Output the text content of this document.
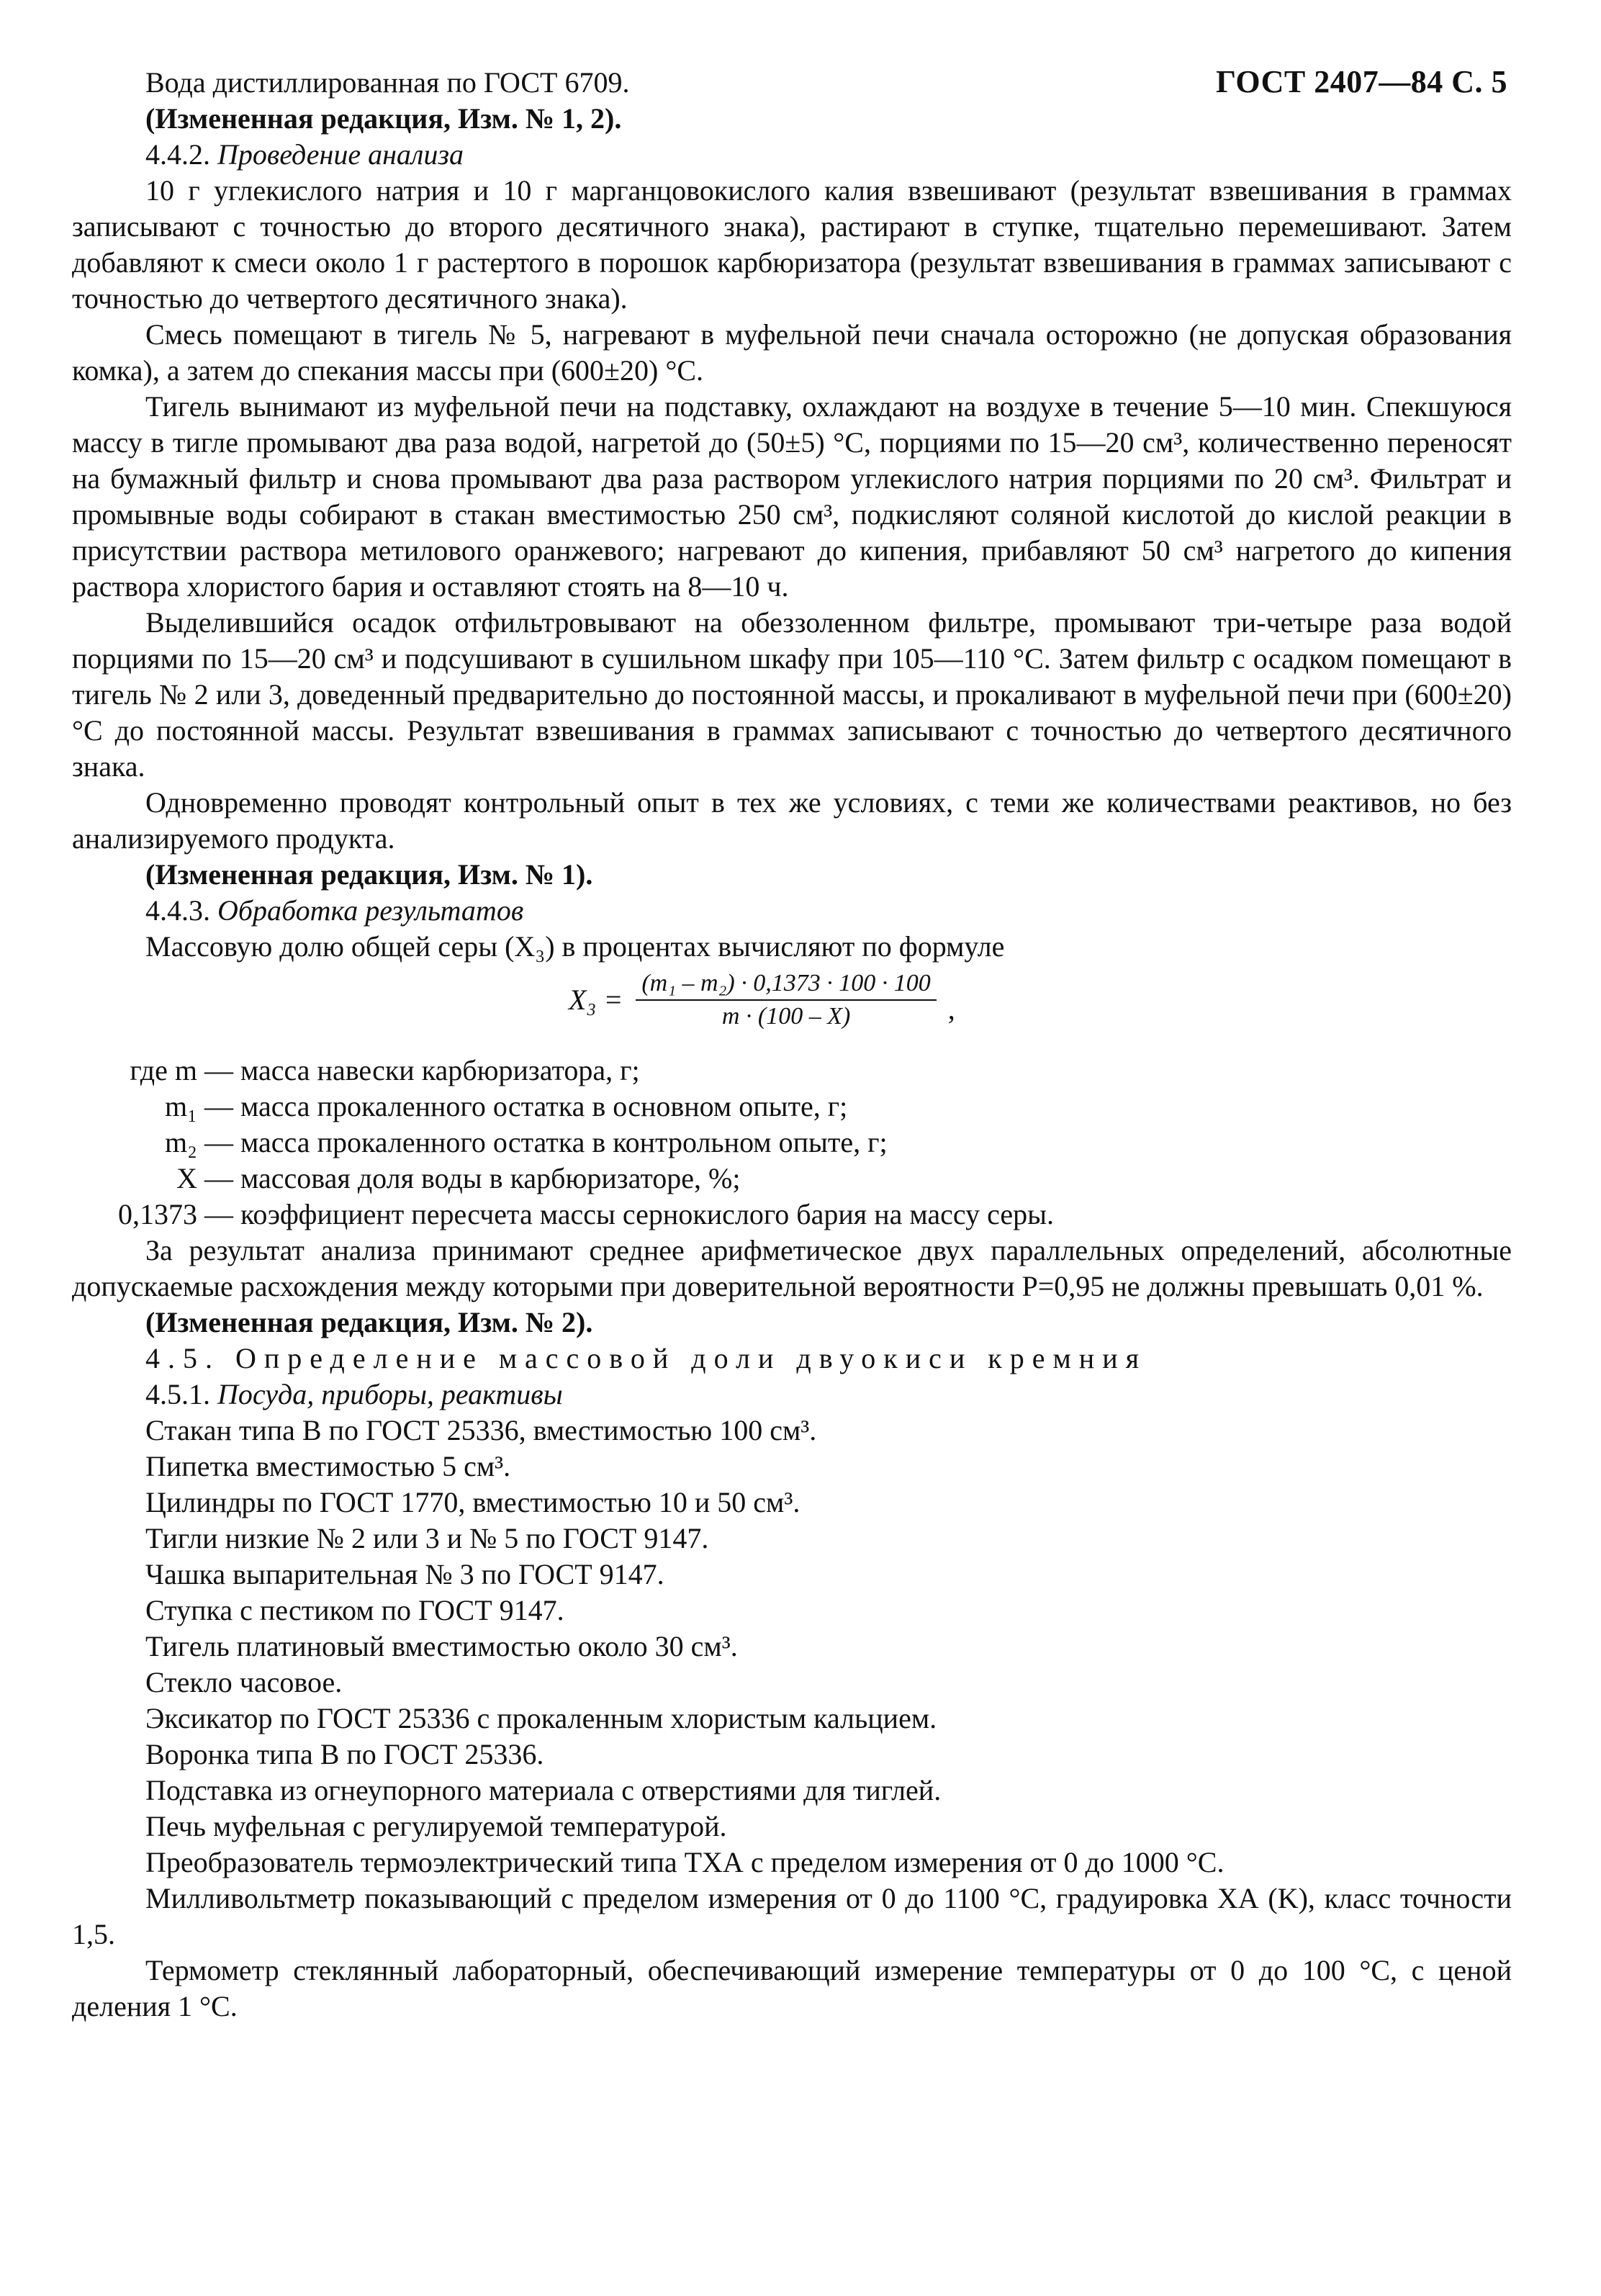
ГОСТ 2407—84 С. 5
Вода дистиллированная по ГОСТ 6709.
(Измененная редакция, Изм. № 1, 2).
4.4.2. Проведение анализа
10 г углекислого натрия и 10 г марганцовокислого калия взвешивают (результат взвешивания в граммах записывают с точностью до второго десятичного знака), растирают в ступке, тщательно перемешивают. Затем добавляют к смеси около 1 г растертого в порошок карбюризатора (результат взвешивания в граммах записывают с точностью до четвертого десятичного знака).
Смесь помещают в тигель № 5, нагревают в муфельной печи сначала осторожно (не допуская образования комка), а затем до спекания массы при (600±20) °С.
Тигель вынимают из муфельной печи на подставку, охлаждают на воздухе в течение 5—10 мин. Спекшуюся массу в тигле промывают два раза водой, нагретой до (50±5) °С, порциями по 15—20 см³, количественно переносят на бумажный фильтр и снова промывают два раза раствором углекислого натрия порциями по 20 см³. Фильтрат и промывные воды собирают в стакан вместимостью 250 см³, подкисляют соляной кислотой до кислой реакции в присутствии раствора метилового оранжевого; нагревают до кипения, прибавляют 50 см³ нагретого до кипения раствора хлористого бария и оставляют стоять на 8—10 ч.
Выделившийся осадок отфильтровывают на обеззоленном фильтре, промывают три-четыре раза водой порциями по 15—20 см³ и подсушивают в сушильном шкафу при 105—110 °С. Затем фильтр с осадком помещают в тигель № 2 или 3, доведенный предварительно до постоянной массы, и прокаливают в муфельной печи при (600±20) °С до постоянной массы. Результат взвешивания в граммах записывают с точностью до четвертого десятичного знака.
Одновременно проводят контрольный опыт в тех же условиях, с теми же количествами реактивов, но без анализируемого продукта.
(Измененная редакция, Изм. № 1).
4.4.3. Обработка результатов
Массовую долю общей серы (X₃) в процентах вычисляют по формуле
$X_3 = \frac{\text{(m₁ – m₂) · 0,1373 · 100 · 100}}{m \cdot (100 - X)}$ ,
где m — масса навески карбюризатора, г;
m₁ — масса прокаленного остатка в основном опыте, г;
m₂ — масса прокаленного остатка в контрольном опыте, г;
X — массовая доля воды в карбюризаторе, %;
0,1373 — коэффициент пересчета массы сернокислого бария на массу серы.
За результат анализа принимают среднее арифметическое двух параллельных определений, абсолютные допускаемые расхождения между которыми при доверительной вероятности P=0,95 не должны превышать 0,01 %.
(Измененная редакция, Изм. № 2).
4.5. Определение массовой доли двуокиси кремния
4.5.1. Посуда, приборы, реактивы
Стакан типа В по ГОСТ 25336, вместимостью 100 см³.
Пипетка вместимостью 5 см³.
Цилиндры по ГОСТ 1770, вместимостью 10 и 50 см³.
Тигли низкие № 2 или 3 и № 5 по ГОСТ 9147.
Чашка выпарительная № 3 по ГОСТ 9147.
Ступка с пестиком по ГОСТ 9147.
Тигель платиновый вместимостью около 30 см³.
Стекло часовое.
Эксикатор по ГОСТ 25336 с прокаленным хлористым кальцием.
Воронка типа В по ГОСТ 25336.
Подставка из огнеупорного материала с отверстиями для тиглей.
Печь муфельная с регулируемой температурой.
Преобразователь термоэлектрический типа ТХА с пределом измерения от 0 до 1000 °С.
Милливольтметр показывающий с пределом измерения от 0 до 1100 °С, градуировка ХА (K), класс точности 1,5.
Термометр стеклянный лабораторный, обеспечивающий измерение температуры от 0 до 100 °С, с ценой деления 1 °С.
